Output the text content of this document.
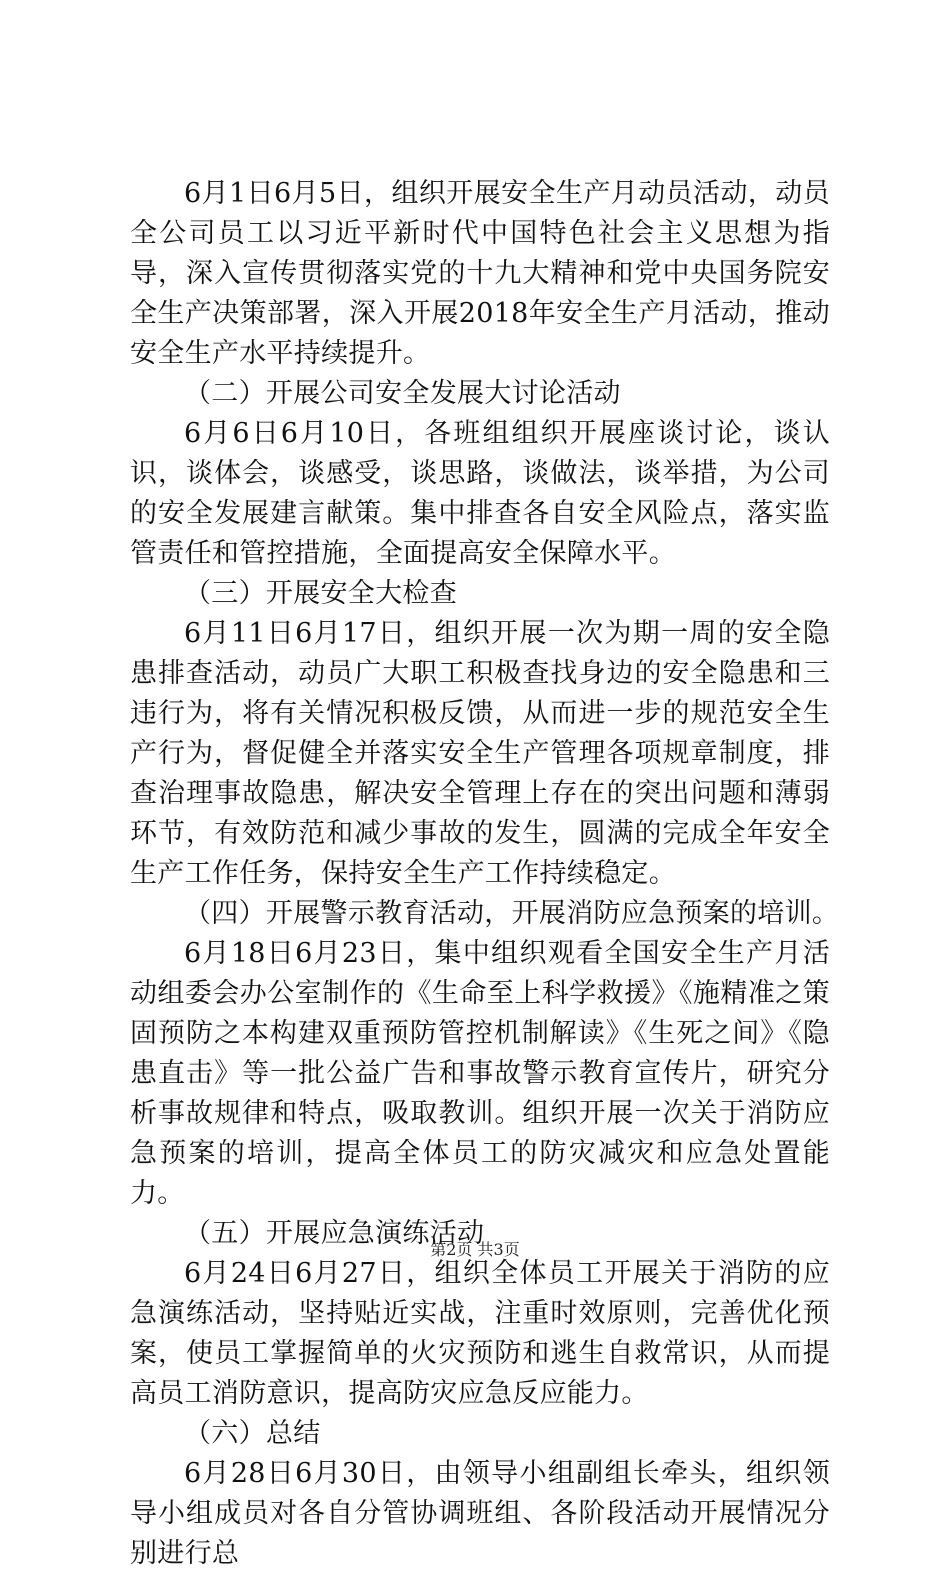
6月1日6月5日，组织开展安全生产月动员活动，动员全公司员工以习近平新时代中国特色社会主义思想为指导，深入宣传贯彻落实党的十九大精神和党中央国务院安全生产决策部署，深入开展2018年安全生产月活动，推动安全生产水平持续提升。

（二）开展公司安全发展大讨论活动

6月6日6月10日，各班组组织开展座谈讨论，谈认识，谈体会，谈感受，谈思路，谈做法，谈举措，为公司的安全发展建言献策。集中排查各自安全风险点，落实监管责任和管控措施，全面提高安全保障水平。

（三）开展安全大检查

6月11日6月17日，组织开展一次为期一周的安全隐患排查活动，动员广大职工积极查找身边的安全隐患和三违行为，将有关情况积极反馈，从而进一步的规范安全生产行为，督促健全并落实安全生产管理各项规章制度，排查治理事故隐患，解决安全管理上存在的突出问题和薄弱环节，有效防范和减少事故的发生，圆满的完成全年安全生产工作任务，保持安全生产工作持续稳定。

（四）开展警示教育活动，开展消防应急预案的培训。

6月18日6月23日，集中组织观看全国安全生产月活动组委会办公室制作的《生命至上科学救援》《施精准之策固预防之本构建双重预防管控机制解读》《生死之间》《隐患直击》等一批公益广告和事故警示教育宣传片，研究分析事故规律和特点，吸取教训。组织开展一次关于消防应急预案的培训，提高全体员工的防灾减灾和应急处置能力。

（五）开展应急演练活动

6月24日6月27日，组织全体员工开展关于消防的应急演练活动，坚持贴近实战，注重时效原则，完善优化预案，使员工掌握简单的火灾预防和逃生自救常识，从而提高员工消防意识，提高防灾应急反应能力。

（六）总结

6月28日6月30日，由领导小组副组长牵头，组织领导小组成员对各自分管协调班组、各阶段活动开展情况分别进行总

第2页 共3页
